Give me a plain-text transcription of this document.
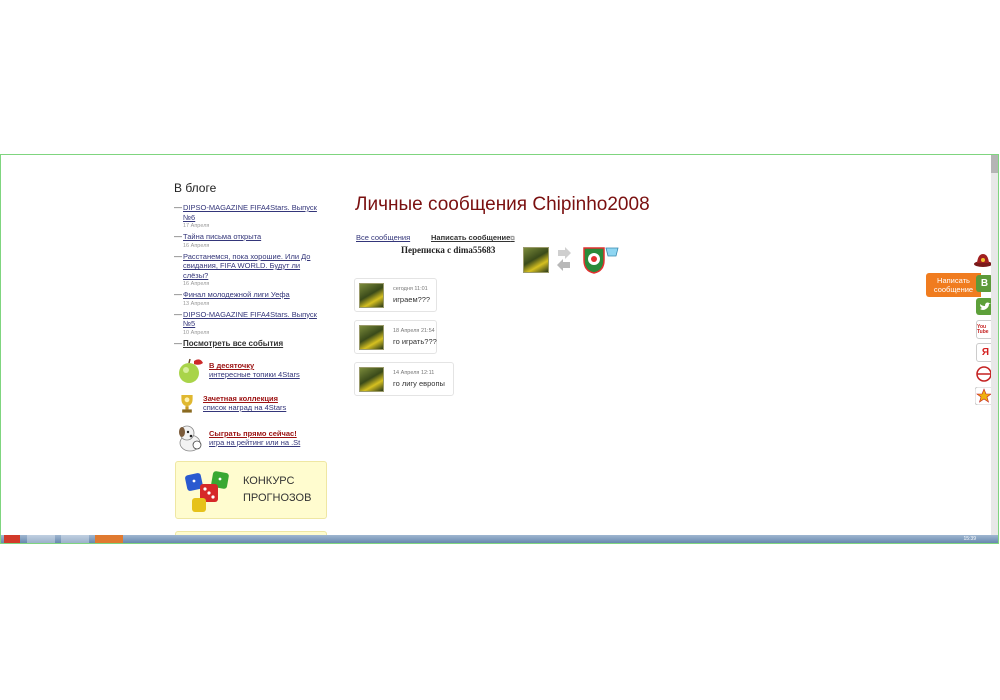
В блоге
— DIPSO-MAGAZINE FIFA4Stars. Выпуск №6
17 Апреля
— Тайна письма открыта
16 Апреля
— Расстанемся, пока хорошие. Или До свидания, FIFA WORLD. Будут ли слёзы?
16 Апреля
— Финал молодежной лиги Уефа
13 Апреля
— DIPSO-MAGAZINE FIFA4Stars. Выпуск №5
10 Апреля
— Посмотреть все события
В десяточку
интересные топики 4Stars
Зачетная коллекция
список наград на 4Stars
Сыграть прямо сейчас!
игра на рейтинг или на .St
КОНКУРС ПРОГНОЗОВ
Личные сообщения Chipinho2008
Все сообщения	Написать сообщение⧉
Переписка с dima55683
сегодня 11:01
играем???
18 Апреля 21:54
го играть???
14 Апреля 12:11
го лигу европы
Написать сообщение
В
You Tube
Я
15:39
